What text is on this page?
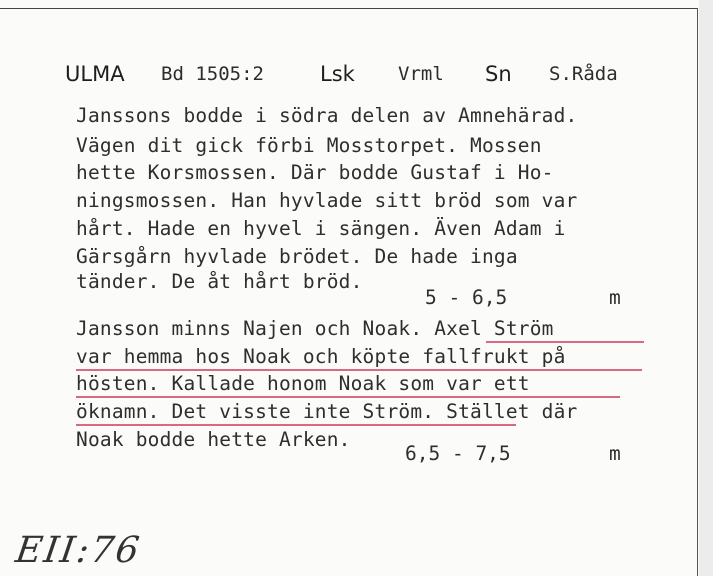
ULMA Bd 1505:2	Lsk Vrml Sn S.Råda
Janssons bodde i södra delen av Amnehärad.
Vägen dit gick förbi Mosstorpet. Mossen
hette Korsmossen. Där bodde Gustaf i Ho-
ningsmossen. Han hyvlade sitt bröd som var
hårt. Hade en hyvel i sängen. Även Adam i
Gärsgårn hyvlade brödet. De hade inga
tänder. De åt hårt bröd.
5 - 6,5	m
Jansson minns Najen och Noak. Axel Ström
var hemma hos Noak och köpte fallfrukt på
hösten. Kallade honom Noak som var ett
öknamn. Det visste inte Ström. Stället där
Noak bodde hette Arken.
6,5 - 7,5	m
EII:76
